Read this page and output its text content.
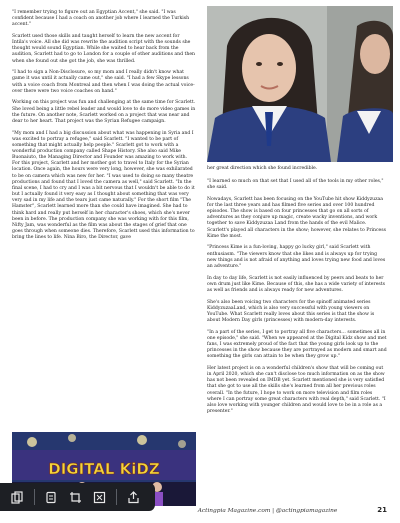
"I remember trying to figure out an Egyptian Accent," she said. "I was confident because I had a coach on another job where I learned the Turkish accent."

Scarlett used those skills and taught herself to learn the new accent for Intila's voice. All she did was rewrite the audition script with the sounds she thought would sound Egyptian. While she waited to hear back from the audition, Scarlett had to go to London for a couple of other auditions and then when she found out she got the job, she was thrilled.

"I had to sign a Non-Disclosure, so my mom and I really didn't know what game it was until it actually came out," she said. "I had a few Skype lessons with a voice coach from Montreal and then when I was doing the actual voice-over there were two voice coaches on hand."

Working on this project was fun and challenging at the same time for Scarlett. She loved being a little rebel leader and would love to do more video games in the future. On another note, Scarlett worked on a project that was near and dear to her heart. That project was the Syrian Refugee campaign.

"My mom and I had a big discussion about what was happening in Syria and I was excited to portray a refugee," said Scarlett. "I wanted to be part of something that might actually help people." Scarlett got to work with a wonderful production company called Shape History. She also said Mike Buonaiuto, the Managing Director and Founder was amazing to work with. For this project, Scarlett and her mother got to travel to Italy for the Syrian location. Once again, the hours were very long, however, she was exhilarated to be on camera which was new for her. "I was used to doing so many theatre productions and found that I loved the camera as well," said Scarlett. "In the final scene, I had to cry and I was a bit nervous that I wouldn't be able to do it but I actually found it very easy as I thought about something that was very very sad in my life and the tears just came naturally." For the short film "The Hamster", Scarlett learned more than she could have imagined. She had to think hard and really put herself in her character's shoes, which she's never been in before. The production company she was working with for this film, Nifty Jam, was wonderful as the film was about the stages of grief that one goes through when someone dies. Therefore, Scarlett used this information to bring the lines to life. Nina Biro, the Director, gave

her great direction which she found incredible.

"I learned so much on that set that I used all of the tools in my other roles," she said.

Nowadays, Scarlett has been focusing on the YouTube hit show Kiddyzuzaa for the last three years and has filmed five series and over 100 hundred episodes. The show is based on four princesses that go on all sorts of adventures as they conjure up magic, create wacky inventions, and work together to save Kiddyzuzaa Land from the hands of the evil Malice. Scarlett's played all characters in the show; however, she relates to Princess Kime the most.

"Princess Kime is a fun-loving, happy go lucky girl," said Scarlett with enthusiasm. "The viewers know that she likes and is always up for trying new things and is not afraid of anything and loves trying new food and loves an adventure."

In day to day life, Scarlett is not easily influenced by peers and beats to her own drum just like Kime. Because of this, she has a wide variety of interests as well as friends and is always ready for new adventures.

She's also been voicing two characters for the spinoff animated series KiddyzuzaaLand, which is also very successful with young viewers on YouTube. What Scarlett really loves about this series is that the show is about Modern Day girls (princesses) with modern-day interests.

"In a part of the series, I get to portray all five characters… sometimes all in one episode," she said. "When we appeared at the Digital Kidz show and met fans, I was extremely proud of the fact that the young girls look up to the princesses in the show because they are portrayed as modern and smart and something the girls can attain to be when they grow up."

Her latest project is on a wonderful children's show that will be coming out in April 2020, which she can't disclose too much information on as the show has not been revealed on IMDB yet. Scarlett mentioned she is very satisfied that she got to use all the skills she's learned from all her previous roles overall. "In the future, I hope to work on more television and film roles where I can portray some great characters with real depth," said Scarlett. "I also love working with younger children and would love to be in a role as a presenter."

DIGITAL KiDZ
Actingpia Magazine.com | @actingpiamagazine	21
